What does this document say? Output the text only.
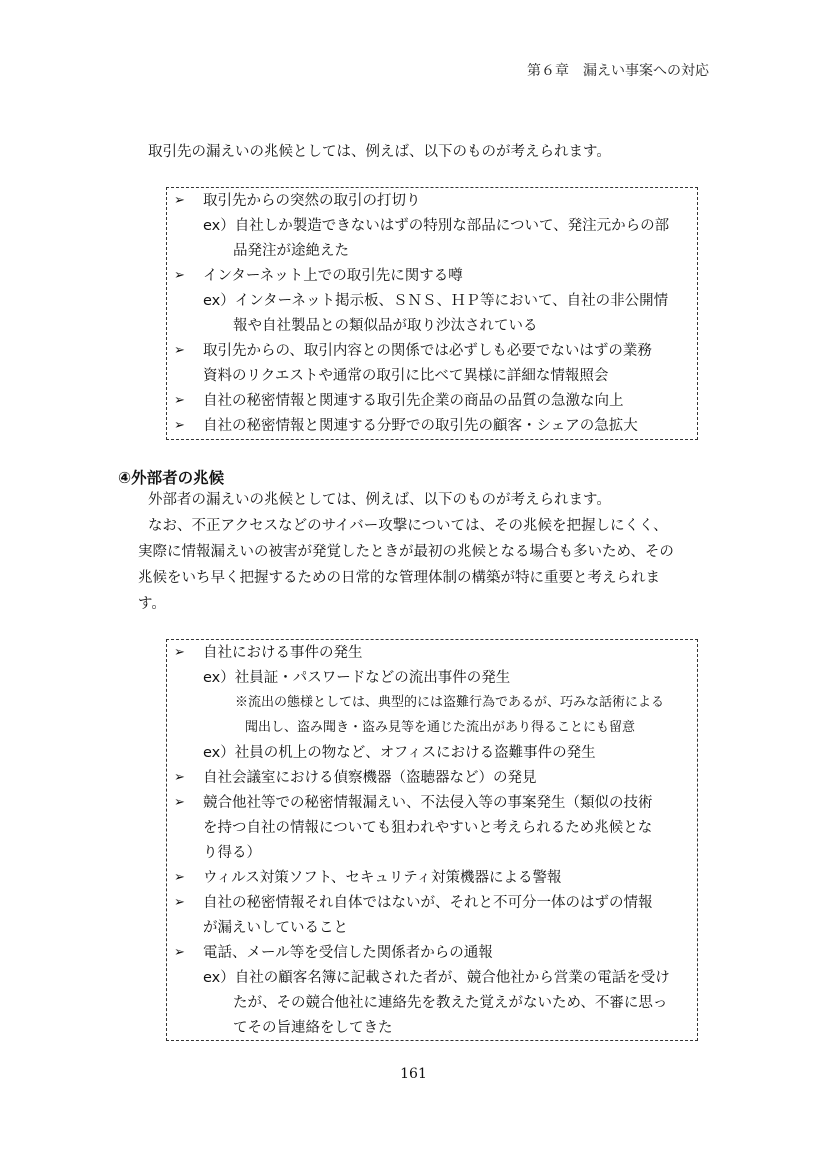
第６章　漏えい事案への対応
取引先の漏えいの兆候としては、例えば、以下のものが考えられます。
➢ 取引先からの突然の取引の打切り
ex）自社しか製造できないはずの特別な部品について、発注元からの部
品発注が途絶えた
➢ インターネット上での取引先に関する噂
ex）インターネット掲示板、ＳＮＳ、ＨＰ等において、自社の非公開情
報や自社製品との類似品が取り沙汰されている
➢ 取引先からの、取引内容との関係では必ずしも必要でないはずの業務
資料のリクエストや通常の取引に比べて異様に詳細な情報照会
➢ 自社の秘密情報と関連する取引先企業の商品の品質の急激な向上
➢ 自社の秘密情報と関連する分野での取引先の顧客・シェアの急拡大
④外部者の兆候
外部者の漏えいの兆候としては、例えば、以下のものが考えられます。
なお、不正アクセスなどのサイバー攻撃については、その兆候を把握しにくく、
実際に情報漏えいの被害が発覚したときが最初の兆候となる場合も多いため、その
兆候をいち早く把握するための日常的な管理体制の構築が特に重要と考えられま
す。
➢ 自社における事件の発生
ex）社員証・パスワードなどの流出事件の発生
※流出の態様としては、典型的には盗難行為であるが、巧みな話術による
聞出し、盗み聞き・盗み見等を通じた流出があり得ることにも留意
ex）社員の机上の物など、オフィスにおける盗難事件の発生
➢ 自社会議室における偵察機器（盗聴器など）の発見
➢ 競合他社等での秘密情報漏えい、不法侵入等の事案発生（類似の技術
を持つ自社の情報についても狙われやすいと考えられるため兆候とな
り得る）
➢ ウィルス対策ソフト、セキュリティ対策機器による警報
➢ 自社の秘密情報それ自体ではないが、それと不可分一体のはずの情報
が漏えいしていること
➢ 電話、メール等を受信した関係者からの通報
ex）自社の顧客名簿に記載された者が、競合他社から営業の電話を受け
たが、その競合他社に連絡先を教えた覚えがないため、不審に思っ
てその旨連絡をしてきた
161
